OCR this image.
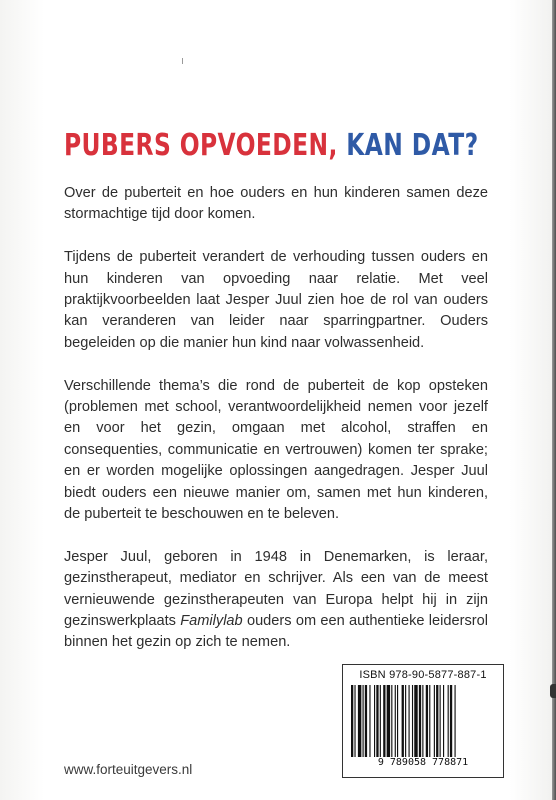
PUBERS OPVOEDEN, KAN DAT?

Over de puberteit en hoe ouders en hun kinderen samen deze stormachtige tijd door komen.

Tijdens de puberteit verandert de verhouding tussen ouders en hun kinderen van opvoeding naar relatie. Met veel praktijkvoorbeelden laat Jesper Juul zien hoe de rol van ouders kan veranderen van leider naar sparringpartner. Ouders begeleiden op die manier hun kind naar volwassenheid.

Verschillende thema’s die rond de puberteit de kop opsteken (problemen met school, verantwoordelijkheid nemen voor jezelf en voor het gezin, omgaan met alcohol, straffen en consequenties, communicatie en vertrouwen) komen ter sprake; en er worden mogelijke oplossingen aangedragen. Jesper Juul biedt ouders een nieuwe manier om, samen met hun kinderen, de puberteit te beschouwen en te beleven.

Jesper Juul, geboren in 1948 in Denemarken, is leraar, gezinstherapeut, mediator en schrijver. Als een van de meest vernieuwende gezinstherapeuten van Europa helpt hij in zijn gezinswerkplaats Familylab ouders om een authentieke leidersrol binnen het gezin op zich te nemen.

ISBN 978-90-5877-887-1
9 789058 778871
www.forteuitgevers.nl
